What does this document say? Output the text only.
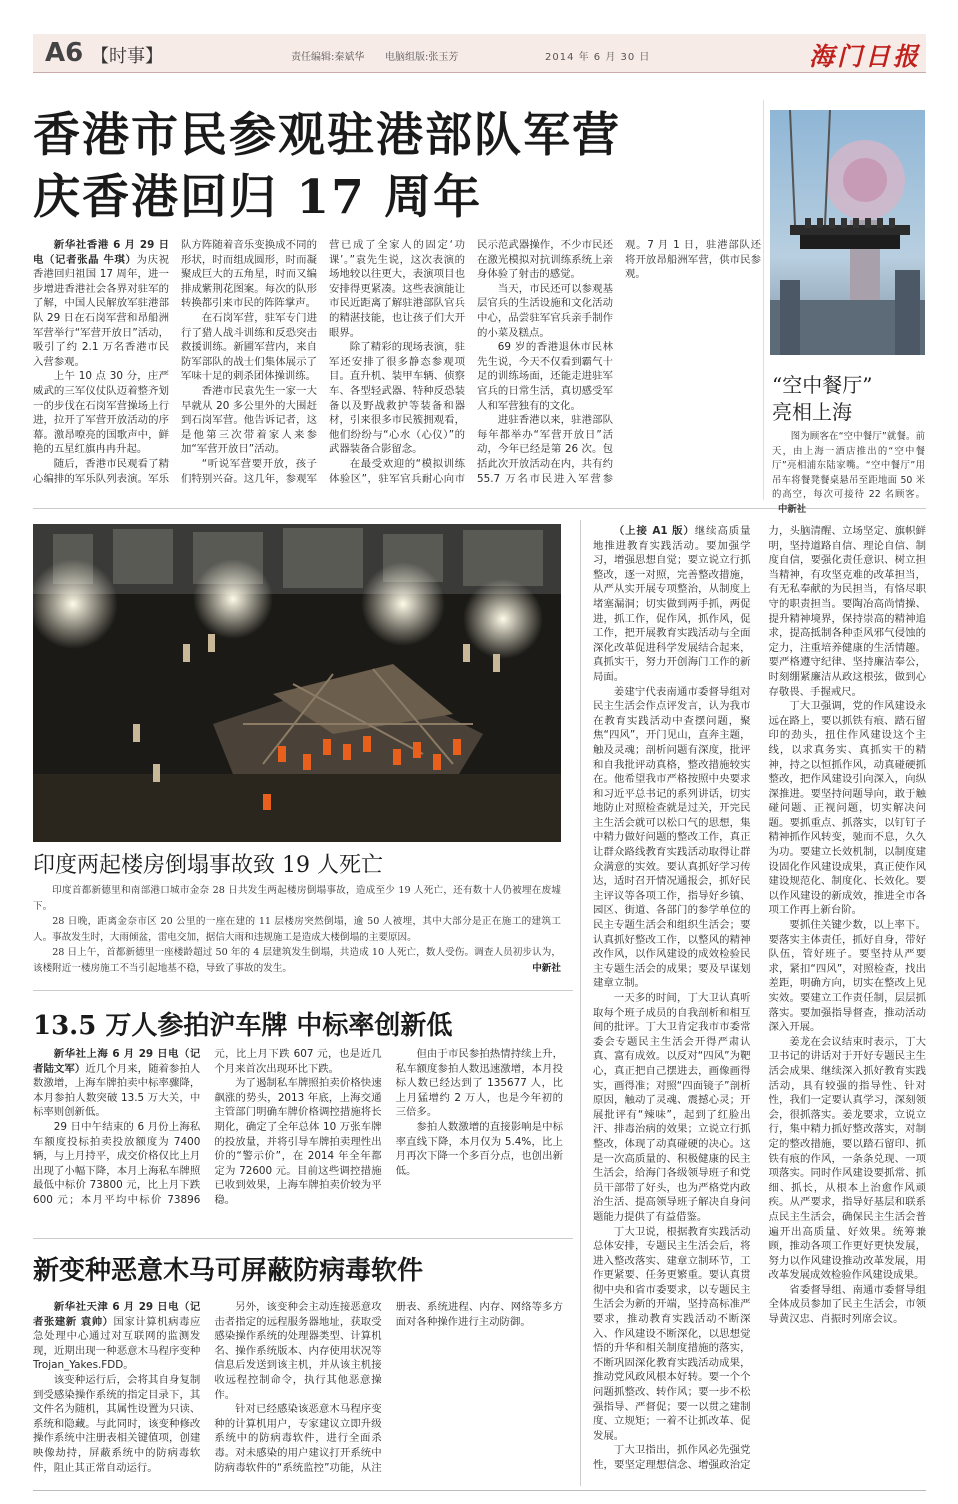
A6 【时事】	责任编辑:秦斌华 电脑组版:张玉芳	2014 年 6 月 30 日	海门日报
香港市民参观驻港部队军营
庆香港回归 17 周年

新华社香港 6 月 29 日电（记者张晶 牛琪）为庆祝香港回归祖国 17 周年，进一步增进香港社会各界对驻军的了解，中国人民解放军驻港部队 29 日在石岗军营和昂船洲军营举行“军营开放日”活动，吸引了约 2.1 万名香港市民入营参观。

上午 10 点 30 分，庄严威武的三军仪仗队迈着整齐划一的步伐在石岗军营操场上行进，拉开了军营开放活动的序幕。激昂嘹亮的国歌声中，鲜艳的五星红旗冉冉升起。

随后，香港市民观看了精心编排的军乐队列表演。军乐队方阵随着音乐变换成不同的形状，时而组成圆形，时而凝聚成巨大的五角星，时而又编排成紫荆花图案。每次的队形转换都引来市民的阵阵掌声。

在石岗军营，驻军专门进行了猎人战斗训练和反恐突击救援训练。新圃军营内，来自防军部队的战士们集体展示了军味十足的刺杀团体操训练。

香港市民袁先生一家一大早就从 20 多公里外的大围赶到石岗军营。他告诉记者，这是他第三次带着家人来参加“军营开放日”活动。

“听说军营要开放，孩子们特别兴奋。这几年，参观军营已成了全家人的固定‘功课’。”袁先生说，这次表演的场地较以往更大，表演项目也安排得更紧凑。这些表演能让市民近距离了解驻港部队官兵的精湛技能，也让孩子们大开眼界。

除了精彩的现场表演，驻军还安排了很多静态参观项目。直升机、装甲车辆、侦察车、各型轻武器、特种反恐装备以及野战救护等装备和器材，引来很多市民簇拥观看，他们纷纷与“心水（心仪）”的武器装备合影留念。

在最受欢迎的“模拟训练体验区”，驻军官兵耐心向市民示范武器操作，不少市民还在激光模拟对抗训练系统上亲身体验了射击的感觉。

当天，市民还可以参观基层官兵的生活设施和文化活动中心，品尝驻军官兵亲手制作的小菜及糕点。

69 岁的香港退休市民林先生说，今天不仅看到霸气十足的训练场面，还能走进驻军官兵的日常生活，真切感受军人和军营独有的文化。

进驻香港以来，驻港部队每年都举办“军营开放日”活动，今年已经是第 26 次。包括此次开放活动在内，共有约 55.7 万名市民进入军营参观。7 月 1 日，驻港部队还将开放昂船洲军营，供市民参观。

“空中餐厅”
亮相上海
图为顾客在“空中餐厅”就餐。前天，由上海一酒店推出的“空中餐厅”亮相浦东陆家嘴。“空中餐厅”用吊车将餐凳餐桌悬吊至距地面 50 米的高空，每次可接待 22 名顾客。 中新社
印度两起楼房倒塌事故致 19 人死亡

印度首都新德里和南部港口城市金奈 28 日共发生两起楼房倒塌事故，造成至少 19 人死亡，还有数十人仍被埋在废墟下。

28 日晚，距离金奈市区 20 公里的一座在建的 11 层楼房突然倒塌，逾 50 人被埋，其中大部分是正在施工的建筑工人。事故发生时，大雨倾盆，雷电交加，据信大雨和违规施工是造成大楼倒塌的主要原因。

28 日上午，首都新德里一座楼龄超过 50 年的 4 层建筑发生倒塌，共造成 10 人死亡，数人受伤。调查人员初步认为，该楼附近一楼房施工不当引起地基不稳，导致了事故的发生。	中新社

（上接 A1 版）继续高质量地推进教育实践活动。要加强学习，增强思想自觉；要立说立行抓整改，逐一对照，完善整改措施，从严从实开展专项整治，从制度上堵塞漏洞；切实做到两手抓，两促进，抓工作，促作风，抓作风，促工作，把开展教育实践活动与全面深化改革促进科学发展结合起来，真抓实干，努力开创海门工作的新局面。

姜建宁代表南通市委督导组对民主生活会作点评发言，认为我市在教育实践活动中查摆问题，聚焦“四风”，开门见山，直奔主题，触及灵魂；剖析问题有深度，批评和自我批评动真格，整改措施较实在。他希望我市严格按照中央要求和习近平总书记的系列讲话，切实地防止对照检查就是过关，开完民主生活会就可以松口气的思想，集中精力做好问题的整改工作，真正让群众路线教育实践活动取得让群众满意的实效。要认真抓好学习传达，适时召开情况通报会，抓好民主评议等各项工作，指导好乡镇、园区、街道、各部门的参学单位的民主专题生活会和组织生活会；要认真抓好整改工作，以整风的精神改作风，以作风建设的成效检验民主专题生活会的成果；要及早谋划建章立制。

一天多的时间，丁大卫认真听取每个班子成员的自我剖析和相互间的批评。丁大卫肯定我市市委常委会专题民主生活会开得严肃认真、富有成效。以反对“四风”为靶心，真正把自己摆进去，画像画得实，画得准；对照“四面镜子”剖析原因，触动了灵魂、震撼心灵；开展批评有“辣味”，起到了红脸出汗、排毒治病的效果；立说立行抓整改，体现了动真碰硬的决心。这是一次高质量的、积极健康的民主生活会，给海门各级领导班子和党员干部带了好头，也为严格党内政治生活、提高领导班子解决自身问题能力提供了有益借鉴。

丁大卫说，根据教育实践活动总体安排，专题民主生活会后，将进入整改落实、建章立制环节，工作更紧要、任务更繁重。要认真贯彻中央和省市委要求，以专题民主生活会为新的开端，坚持高标准严要求，推动教育实践活动不断深入、作风建设不断深化，以思想觉悟的升华和相关制度措施的落实，不断巩固深化教育实践活动成果，推动党风政风根本好转。要一个个问题抓整改、转作风；要一步不松强指导、严督促；要一以贯之建制度、立规矩；一着不让抓改革、促发展。

丁大卫指出，抓作风必先强党性，要坚定理想信念、增强政治定力，头脑清醒、立场坚定、旗帜鲜明，坚持道路自信、理论自信、制度自信，要强化责任意识、树立担当精神，有攻坚克难的改革担当，有无私奉献的为民担当，有恪尽职守的职责担当。要陶冶高尚情操、提升精神境界，保持崇高的精神追求，提高抵制各种歪风邪气侵蚀的定力，注重培养健康的生活情趣。要严格遵守纪律、坚持廉洁奉公，时刻绷紧廉洁从政这根弦，做到心存敬畏、手握戒尺。

丁大卫强调，党的作风建设永远在路上，要以抓铁有痕、踏石留印的劲头，扭住作风建设这个主线，以求真务实、真抓实干的精神，持之以恒抓作风，动真碰硬抓整改，把作风建设引向深入，向纵深推进。要坚持问题导向，敢于触碰问题、正视问题，切实解决问题。要抓重点、抓落实，以钉钉子精神抓作风转变，驰而不息，久久为功。要建立长效机制，以制度建设固化作风建设成果，真正使作风建设规范化、制度化、长效化。要以作风建设的新成效，推进全市各项工作再上新台阶。

要抓住关键少数，以上率下。要落实主体责任，抓好自身，带好队伍，管好班子。要坚持从严要求，紧扣“四风”，对照检查，找出差距，明确方向，切实在整改上见实效。要建立工作责任制，层层抓落实。要加强指导督查，推动活动深入开展。

姜龙在会议结束时表示，丁大卫书记的讲话对于开好专题民主生活会成果、继续深入抓好教育实践活动，具有较强的指导性、针对性，我们一定要认真学习，深刻领会，很抓落实。姜龙要求，立说立行，集中精力抓好整改落实，对制定的整改措施，要以踏石留印、抓铁有痕的作风，一条条兑现、一项项落实。同时作风建设要抓常、抓细、抓长，从根本上治愈作风顽疾。从严要求，指导好基层和联系点民主生活会，确保民主生活会普遍开出高质量、好效果。统筹兼顾，推动各项工作更好更快发展，努力以作风建设推动改革发展，用改革发展成效检验作风建设成果。

省委督导组、南通市委督导组全体成员参加了民主生活会，市领导黄汉忠、肖振时列席会议。

13.5 万人参拍沪车牌 中标率创新低

新华社上海 6 月 29 日电（记者陆文军）近几个月来，随着参拍人数激增，上海车牌拍卖中标率骤降，本月参拍人数突破 13.5 万大关，中标率则创新低。

29 日中午结束的 6 月份上海私车额度投标拍卖投放额度为 7400 辆，与上月持平，成交价格仅比上月出现了小幅下降，本月上海私车牌照最低中标价 73800 元，比上月下跌 600 元；本月平均中标价 73896 元，比上月下跌 607 元，也是近几个月来首次出现环比下跌。

为了遏制私车牌照拍卖价格快速飙涨的势头，2013 年底，上海交通主管部门明确车牌价格调控措施将长期化，确定了全年总体 10 万张车牌的投放量，并将引导车牌拍卖理性出价的“警示价”，在 2014 年全年都定为 72600 元。目前这些调控措施已收到效果，上海车牌拍卖价较为平稳。

但由于市民参拍热情持续上升，私车额度参拍人数迅速激增，本月投标人数已经达到了 135677 人，比上月猛增约 2 万人，也是今年初的三倍多。

参拍人数激增的直接影响是中标率直线下降，本月仅为 5.4%，比上月再次下降一个多百分点，也创出新低。

新变种恶意木马可屏蔽防病毒软件

新华社天津 6 月 29 日电（记者张建新 袁帅）国家计算机病毒应急处理中心通过对互联网的监测发现，近期出现一种恶意木马程序变种 Trojan_Yakes.FDD。

该变种运行后，会将其自身复制到受感染操作系统的指定目录下，其文件名为随机，其属性设置为只读、系统和隐藏。与此同时，该变种修改操作系统中注册表相关键值项，创建映像劫持，屏蔽系统中的防病毒软件，阻止其正常自动运行。

另外，该变种会主动连接恶意攻击者指定的远程服务器地址，获取受感染操作系统的处理器类型、计算机名、操作系统版本、内存使用状况等信息后发送到该主机，并从该主机接收远程控制命令，执行其他恶意操作。

针对已经感染该恶意木马程序变种的计算机用户，专家建议立即升级系统中的防病毒软件，进行全面杀毒。对未感染的用户建议打开系统中防病毒软件的“系统监控”功能，从注册表、系统进程、内存、网络等多方面对各种操作进行主动防御。
